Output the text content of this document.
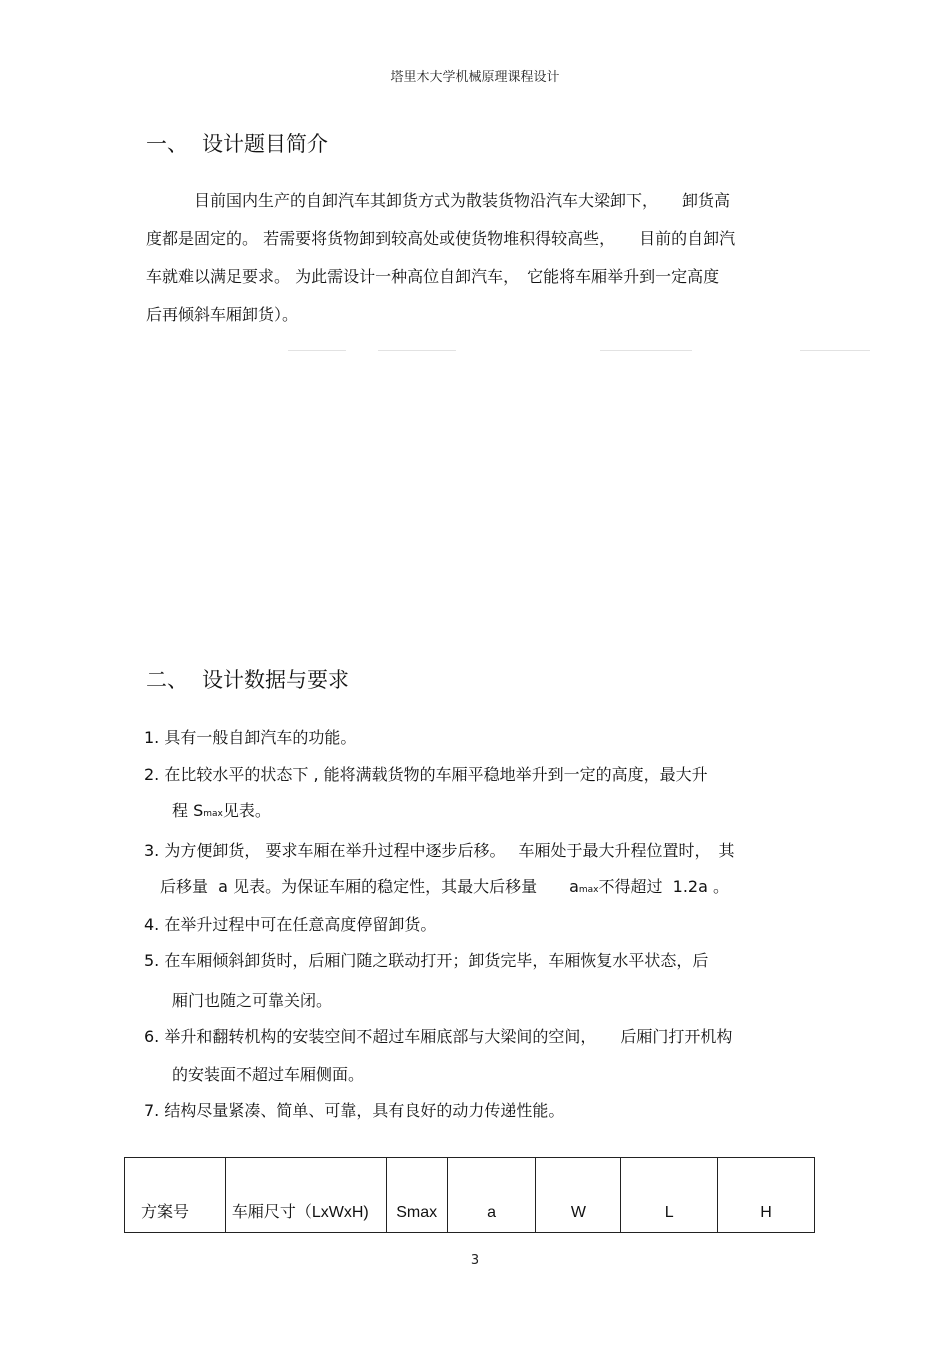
塔里木大学机械原理课程设计
一、 设计题目简介
　　　目前国内生产的自卸汽车其卸货方式为散装货物沿汽车大梁卸下，　　卸货高
度都是固定的。 若需要将货物卸到较高处或使货物堆积得较高些，　　目前的自卸汽
车就难以满足要求。 为此需设计一种高位自卸汽车，　它能将车厢举升到一定高度
后再倾斜车厢卸货）。
二、 设计数据与要求
1. 具有一般自卸汽车的功能。
2. 在比较水平的状态下 , 能将满载货物的车厢平稳地举升到一定的高度，最大升
程 Smax见表。
3. 为方便卸货， 要求车厢在举升过程中逐步后移。　 车厢处于最大升程位置时，　其
后移量  a 见表。为保证车厢的稳定性，其最大后移量　　amax不得超过  1.2a 。
4. 在举升过程中可在任意高度停留卸货。
5. 在车厢倾斜卸货时，后厢门随之联动打开；卸货完毕，车厢恢复水平状态，后
厢门也随之可靠关闭。
6. 举升和翻转机构的安装空间不超过车厢底部与大梁间的空间，　　后厢门打开机构
的安装面不超过车厢侧面。
7. 结构尽量紧凑、简单、可靠，具有良好的动力传递性能。
方案号	车厢尺寸（LxWxH)	Smax	a	W	L	H
3
